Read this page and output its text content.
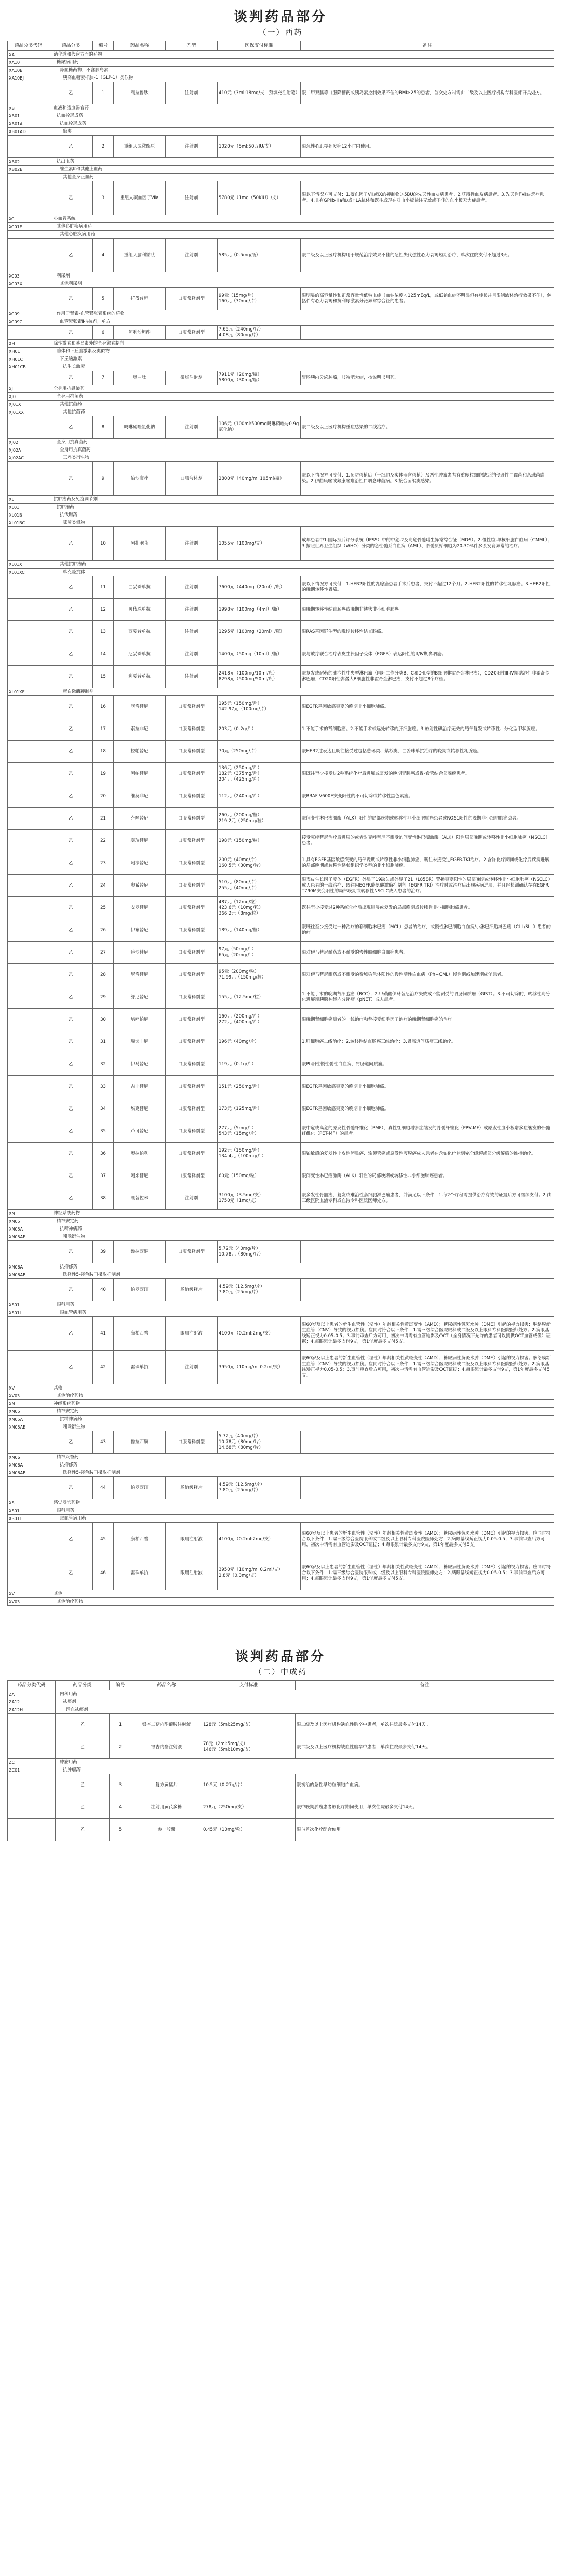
谈判药品部分
（一）西药
药品分类代码	药品分类	编号	药品名称	剂型	医保支付标准	备注
XA	消化道和代谢方面的药物					
XA10	糖尿病用药					
XA10B	降血糖药物，不含胰岛素					
XA10BJ	胰高血糖素样肽-1（GLP-1）类似物					
	乙	1	利拉鲁肽	注射剂	410元（3ml:18mg/支，预填充注射笔）	限二甲双胍等口服降糖药或胰岛素控制效果不佳的BMI≥25的患者，首次处方时需由二级及以上医疗机构专科医师开具处方。
XB	血液和造血器官药					
XB01	抗血栓形成药					
XB01A	抗血栓形成药					
XB01AD	酶类					
	乙	2	重组人尿激酶原	注射剂	1020元（5ml:50万IU/支）	限急性心肌梗死发病12小时内使用。
XB02	抗出血药					
XB02B	维生素K和其他止血药					
	其他全身止血药					
	乙	3	重组人凝血因子Ⅶa	注射剂	5780元（1mg（50KIU）/支）	限以下情况方可支付：1.凝血因子Ⅷ或Ⅸ的抑制物＞5BU的先天性血友病患者。2.获得性血友病患者。3.先天性FⅦ缺乏症患者。4.具有GPⅡb-Ⅲa和/或HLA抗体和既往或现在对血小板输注无效或不佳的血小板无力症患者。
XC	心血管系统					
XC01E	其他心脏疾病用药					
	其他心脏疾病用药					
	乙	4	重组人脑利钠肽	注射剂	585元（0.5mg/瓶）	限二级及以上医疗机构用于规范治疗效果不佳的急性失代偿性心力衰竭短期治疗，单次住院支付不超过3天。
XC03	利尿剂					
XC03X	其他利尿剂					
	乙	5	托伐普坦	口服常释剂型	99元（15mg/片）
160元（30mg/片）	限明显的高容量性和正常容量性低钠血症（血钠浓度＜125mEq/L，或低钠血症不明显但有症状并且限制液体治疗效果不佳），包括伴有心力衰竭和抗利尿激素分泌异常综合征的患者。
XC09	作用于肾素-血管紧张素系统的药物					
XC09C	血管紧张素Ⅱ拮抗剂，单方					
	乙	6	阿利沙坦酯	口服常释剂型	7.65元（240mg/片）
4.08元（80mg/片）	
XH	除性激素和胰岛素外的全身激素制剂					
XH01	垂体和下丘脑激素及类似物					
XH01C	下丘脑激素					
XH01CB	抗生长激素					
	乙	7	奥曲肽	微球注射剂	7911元（20mg/瓶）
5800元（30mg/瓶）	胃肠胰内分泌肿瘤，肢端肥大症，按说明书用药。
XJ	全身用抗感染药					
XJ01	全身用抗菌药					
XJ01X	其他抗菌药					
XJ01XX	其他抗菌药					
	乙	8	吗啉硝唑氯化钠	注射剂	106元（100ml:500mg吗啉硝唑与0.9g氯化钠）	限二级及以上医疗机构重症感染的二线治疗。
XJ02	全身用抗真菌药					
XJ02A	全身用抗真菌药					
XJ02AC	三唑类衍生物					
	乙	9	泊沙康唑	口服液体剂	2800元（40mg/ml 105ml/瓶）	限以下情况方可支付：1.预防移植后（干细胞及实体器官移植）及恶性肿瘤患者有重度粒细胞缺乏的侵袭性曲霉菌和念珠菌感染。2.伊曲康唑或氟康唑难治性口咽念珠菌病。3.接合菌纲类感染。
XL	抗肿瘤药及免疫调节剂					
XL01	抗肿瘤药					
XL01B	抗代谢药					
XL01BC	嘧啶类似物					
	乙	10	阿扎胞苷	注射剂	1055元（100mg/支）	成年患者中1.国际预后评分系统（IPSS）中的中危-2及高危骨髓增生异常综合征（MDS）；2.慢性粒-单核细胞白血病（CMML）；3.按照世界卫生组织（WHO）分类的急性髓系白血病（AML）、骨髓原始细胞为20-30%伴多系发育异常的治疗。
XL01X	其他抗肿瘤药					
XL01XC	单克隆抗体					
	乙	11	曲妥珠单抗	注射剂	7600元（440mg（20ml）/瓶）	限以下情况方可支付：1.HER2阳性的乳腺癌患者手术后患者，支付不超过12个月。2.HER2阳性的转移性乳腺癌。3.HER2阳性的晚期转移性胃癌。
	乙	12	贝伐珠单抗	注射剂	1998元（100mg（4ml）/瓶）	限晚期转移性结直肠癌或晚期非鳞状非小细胞肺癌。
	乙	13	西妥昔单抗	注射剂	1295元（100mg（20ml）/瓶）	限RAS基因野生型的晚期转移性结直肠癌。
	乙	14	尼妥珠单抗	注射剂	1400元（50mg（10ml）/瓶）	限与放疗联合治疗表皮生长因子受体（EGFR）表达阳性的Ⅲ/Ⅳ期鼻咽癌。
	乙	15	利妥昔单抗	注射剂	2418元（100mg/10ml/瓶）
8298元（500mg/50ml/瓶）	限复发或耐药的滤泡性中央型淋巴瘤（国际工作分类B、C和D亚型的B细胞非霍奇金淋巴瘤），CD20阳性Ⅲ-Ⅳ期滤泡性非霍奇金淋巴瘤，CD20阳性弥漫大B细胞性非霍奇金淋巴瘤，支付不超过8个疗程。
XL01XE	蛋白激酶抑制剂					
	乙	16	厄洛替尼	口服常释剂型	195元（150mg/片）
142.97元（100mg/片）	限EGFR基因敏感突变的晚期非小细胞肺癌。
	乙	17	索拉非尼	口服常释剂型	203元（0.2g/片）	1.不能手术的肾细胞癌。2.不能手术或远处转移的肝细胞癌。3.放射性碘治疗无效的局部复发或转移性、分化型甲状腺癌。
	乙	18	拉帕替尼	口服常释剂型	70元（250mg/片）	限HER2过表达且既往接受过包括蒽环类、紫杉类、曲妥珠单抗治疗的晚期或转移性乳腺癌。
	乙	19	阿帕替尼	口服常释剂型	136元（250mg/片）
182元（375mg/片）
204元（425mg/片）	限既往至少接受过2种系统化疗后进展或复发的晚期胃腺癌或胃-食管结合部腺癌患者。
	乙	20	维莫非尼	口服常释剂型	112元（240mg/片）	限BRAF V600E突变阳性的不可切除或转移性黑色素瘤。
	乙	21	克唑替尼	口服常释剂型	260元（200mg/粒）
219.2元（250mg/粒）	限间变性淋巴瘤激酶（ALK）阳性的局部晚期或转移性非小细胞肺癌患者或ROS1阳性的晚期非小细胞肺癌患者。
	乙	22	塞瑞替尼	口服常释剂型	198元（150mg/粒）	接受克唑替尼治疗后进展的或者对克唑替尼不耐受的间变性淋巴瘤激酶（ALK）阳性局部晚期或转移性非小细胞肺癌（NSCLC）患者。
	乙	23	阿法替尼	口服常释剂型	200元（40mg/片）
160.5元（30mg/片）	1.具有EGFR基因敏感突变的局部晚期或转移性非小细胞肺癌，既往未接受过EGFR-TKI治疗。2.含铂化疗期间或化疗后疾病进展的局部晚期或转移性鳞状组织学类型的非小细胞肺癌。
	乙	24	奥希替尼	口服常释剂型	510元（80mg/片）
255元（40mg/片）	限表皮生长因子受体（EGFR）外显子19缺失或外显子21（L858R）置换突变阳性的局部晚期或转移性非小细胞肺癌（NSCLC）成人患者的一线治疗；既往因EGFR酪氨酸激酶抑制剂（EGFR TKI）治疗时或治疗后出现疾病进展，并且经检测确认存在EGFR T790M突变阳性的局部晚期或转移性NSCLC成人患者的治疗。
	乙	25	安罗替尼	口服常释剂型	487元（12mg/粒）
423.6元（10mg/粒）
366.2元（8mg/粒）	既往至少接受过2种系统化疗后出现进展或复发的局部晚期或转移性非小细胞肺癌患者。
	乙	26	伊布替尼	口服常释剂型	189元（140mg/粒）	限既往至少接受过一种治疗的套细胞淋巴瘤（MCL）患者的治疗，或慢性淋巴细胞白血病/小淋巴细胞淋巴瘤（CLL/SLL）患者的治疗。
	乙	27	达沙替尼	口服常释剂型	97元（50mg/片）
65元（20mg/片）	限对伊马替尼耐药或不耐受的慢性髓细胞白血病患者。
	乙	28	尼洛替尼	口服常释剂型	95元（200mg/粒）
71.99元（150mg/粒）	限对伊马替尼耐药或不耐受的费城染色体阳性的慢性髓性白血病（Ph+CML）慢性期或加速期成年患者。
	乙	29	舒尼替尼	口服常释剂型	155元（12.5mg/粒）	1.不能手术的晚期肾细胞癌（RCC）；2.甲磺酸伊马替尼治疗失败或不能耐受的胃肠间质瘤（GIST）；3.不可切除的，转移性高分化进展期胰腺神经内分泌瘤（pNET）成人患者。
	乙	30	培唑帕尼	口服常释剂型	160元（200mg/片）
272元（400mg/片）	限晚期肾细胞癌患者的一线治疗和曾接受细胞因子治疗的晚期肾细胞癌的治疗。
	乙	31	瑞戈非尼	口服常释剂型	196元（40mg/片）	1.肝细胞癌二线治疗；2.转移性结直肠癌三线治疗；3.胃肠道间质瘤三线治疗。
	乙	32	伊马替尼	口服常释剂型	119元（0.1g/片）	限Ph阳性慢性髓性白血病、胃肠道间质瘤。
	乙	33	吉非替尼	口服常释剂型	151元（250mg/片）	限EGFR基因敏感突变的晚期非小细胞肺癌。
	乙	34	埃克替尼	口服常释剂型	173元（125mg/片）	限EGFR基因敏感突变的晚期非小细胞肺癌。
	乙	35	芦可替尼	口服常释剂型	277元（5mg/片）
543元（15mg/片）	限中危或高危的原发性骨髓纤维化（PMF）、真性红细胞增多症继发的骨髓纤维化（PPV-MF）或原发性血小板增多症继发的骨髓纤维化（PET-MF）的患者。
	乙	36	奥拉帕利	口服常释剂型	192元（150mg/片）
134.4元（100mg/片）	限铂敏感的复发性上皮性卵巢癌、输卵管癌或原发性腹膜癌成人患者在含铂化疗达到完全缓解或部分缓解后的维持治疗。
	乙	37	阿来替尼	口服常释剂型	60元（150mg/粒）	限间变性淋巴瘤激酶（ALK）阳性的局部晚期或转移性非小细胞肺癌患者。
	乙	38	硼替佐米	注射剂	3100元（3.5mg/支）
1750元（1mg/支）	限多发性骨髓瘤、复发或难治性套细胞淋巴瘤患者，并满足以下条件：1.每2个疗程需提供治疗有效的证据后方可继续支付；2.由三级医院血液专科或血液专科医院医师处方。
XN	神经系统药物					
XN05	精神安定药					
XN05A	抗精神病药					
XN05AE	吲哚衍生物					
	乙	39	鲁拉西酮	口服常释剂型	5.72元（40mg/片）
10.78元（80mg/片）	
XN06A	抗抑郁药					
XN06AB	选择性5-羟色胺再摄取抑制剂					
	乙	40	帕罗西汀	肠溶缓释片	4.59元（12.5mg/片）
7.80元（25mg/片）	
XS01	眼科用药					
XS01L	眼血管病用药					
	乙	41	康柏西普	眼用注射液	4100元（0.2ml:2mg/支）	限60岁及以上患者的新生血管性（湿性）年龄相关性黄斑变性（AMD）；糖尿病性黄斑水肿（DME）引起的视力损害；脉络膜新生血管（CNV）导致的视力损伤。应同时符合以下条件：1.需三级综合医院眼科或二级及以上眼科专科医院医师处方；2.病眼基线矫正视力0.05-0.5；3.事前审查后方可用，初次申请需有血管造影及OCT（全身情况不允许的患者可以提供OCT血管成像）证据；4.每眼累计最多支付9支，第1年度最多支付5支。
	乙	42	雷珠单抗	注射剂	3950元（10mg/ml 0.2ml/支）	限60岁及以上患者的新生血管性（湿性）年龄相关性黄斑变性（AMD）；糖尿病性黄斑水肿（DME）引起的视力损害；脉络膜新生血管（CNV）导致的视力损伤。应同时符合以下条件：1.需三级综合医院眼科或二级及以上眼科专科医院医师处方；2.病眼基线矫正视力0.05-0.5；3.事前审查后方可用，初次申请需有血管造影及OCT证据；4.每眼累计最多支付9支，第1年度最多支付5支。
XV	其他					
XV03	其他治疗药物					
XN	神经系统药物					
XN05	精神安定药					
XN05A	抗精神病药					
XN05AE	吲哚衍生物					
	乙	43	鲁拉西酮	口服常释剂型	5.72元（40mg/片）
10.78元（80mg/片）
14.68元（80mg/片）	
XN06	精神兴奋药					
XN06A	抗抑郁药					
XN06AB	选择性5-羟色胺再摄取抑制剂					
	乙	44	帕罗西汀	肠溶缓释片	4.59元（12.5mg/片）
7.80元（25mg/片）	
XS	感觉器官药物					
XS01	眼科用药					
XS01L	眼血管病用药					
	乙	45	康柏西普	眼用注射液	4100元（0.2ml:2mg/支）	限60岁及以上患者的新生血管性（湿性）年龄相关性黄斑变性（AMD）；糖尿病性黄斑水肿（DME）引起的视力损害。应同时符合以下条件：1.需三级综合医院眼科或二级及以上眼科专科医院医师处方；2.病眼基线矫正视力0.05-0.5；3.事前审查后方可用，初次申请需有血管造影及OCT证据；4.每眼累计最多支付9支，第1年度最多支付5支。
	乙	46	雷珠单抗	眼用注射液	3950元（10mg/ml 0.2ml/支）
2.8元（0.3mg/支）	限60岁及以上患者的新生血管性（湿性）年龄相关性黄斑变性（AMD）；糖尿病性黄斑水肿（DME）引起的视力损害。应同时符合以下条件：1.需三级综合医院眼科或二级及以上眼科专科医院医师处方；2.病眼基线矫正视力0.05-0.5；3.事前审查后方可用；4.每眼累计最多支付9支，第1年度最多支付5支。
XV	其他					
XV03	其他治疗药物					
谈判药品部分
（二）中成药
药品分类代码	药品分类	编号	药品名称	支付标准	备注
ZA	内科用药				
ZA12	祛瘀剂				
ZA12H	活血祛瘀剂				
	乙	1	银杏二萜内酯葡胺注射液	128元（5ml:25mg/支）	限二级及以上医疗机构缺血性脑卒中患者，单次住院最多支付14天。
	乙	2	银杏内酯注射液	78元（2ml:5mg/支）
146元（5ml:10mg/支）	限二级及以上医疗机构缺血性脑卒中患者，单次住院最多支付14天。
ZC	肿瘤用药				
ZC01	抗肿瘤药				
	乙	3	复方黄黛片	10.5元（0.27g/片）	限初治的急性早幼粒细胞白血病。
	乙	4	注射用黄芪多糖	278元（250mg/支）	限中晚期肿瘤患者放化疗期间使用，单次住院最多支付14天。
	乙	5	参一胶囊	0.45元（10mg/粒）	限与首次化疗配合使用。
